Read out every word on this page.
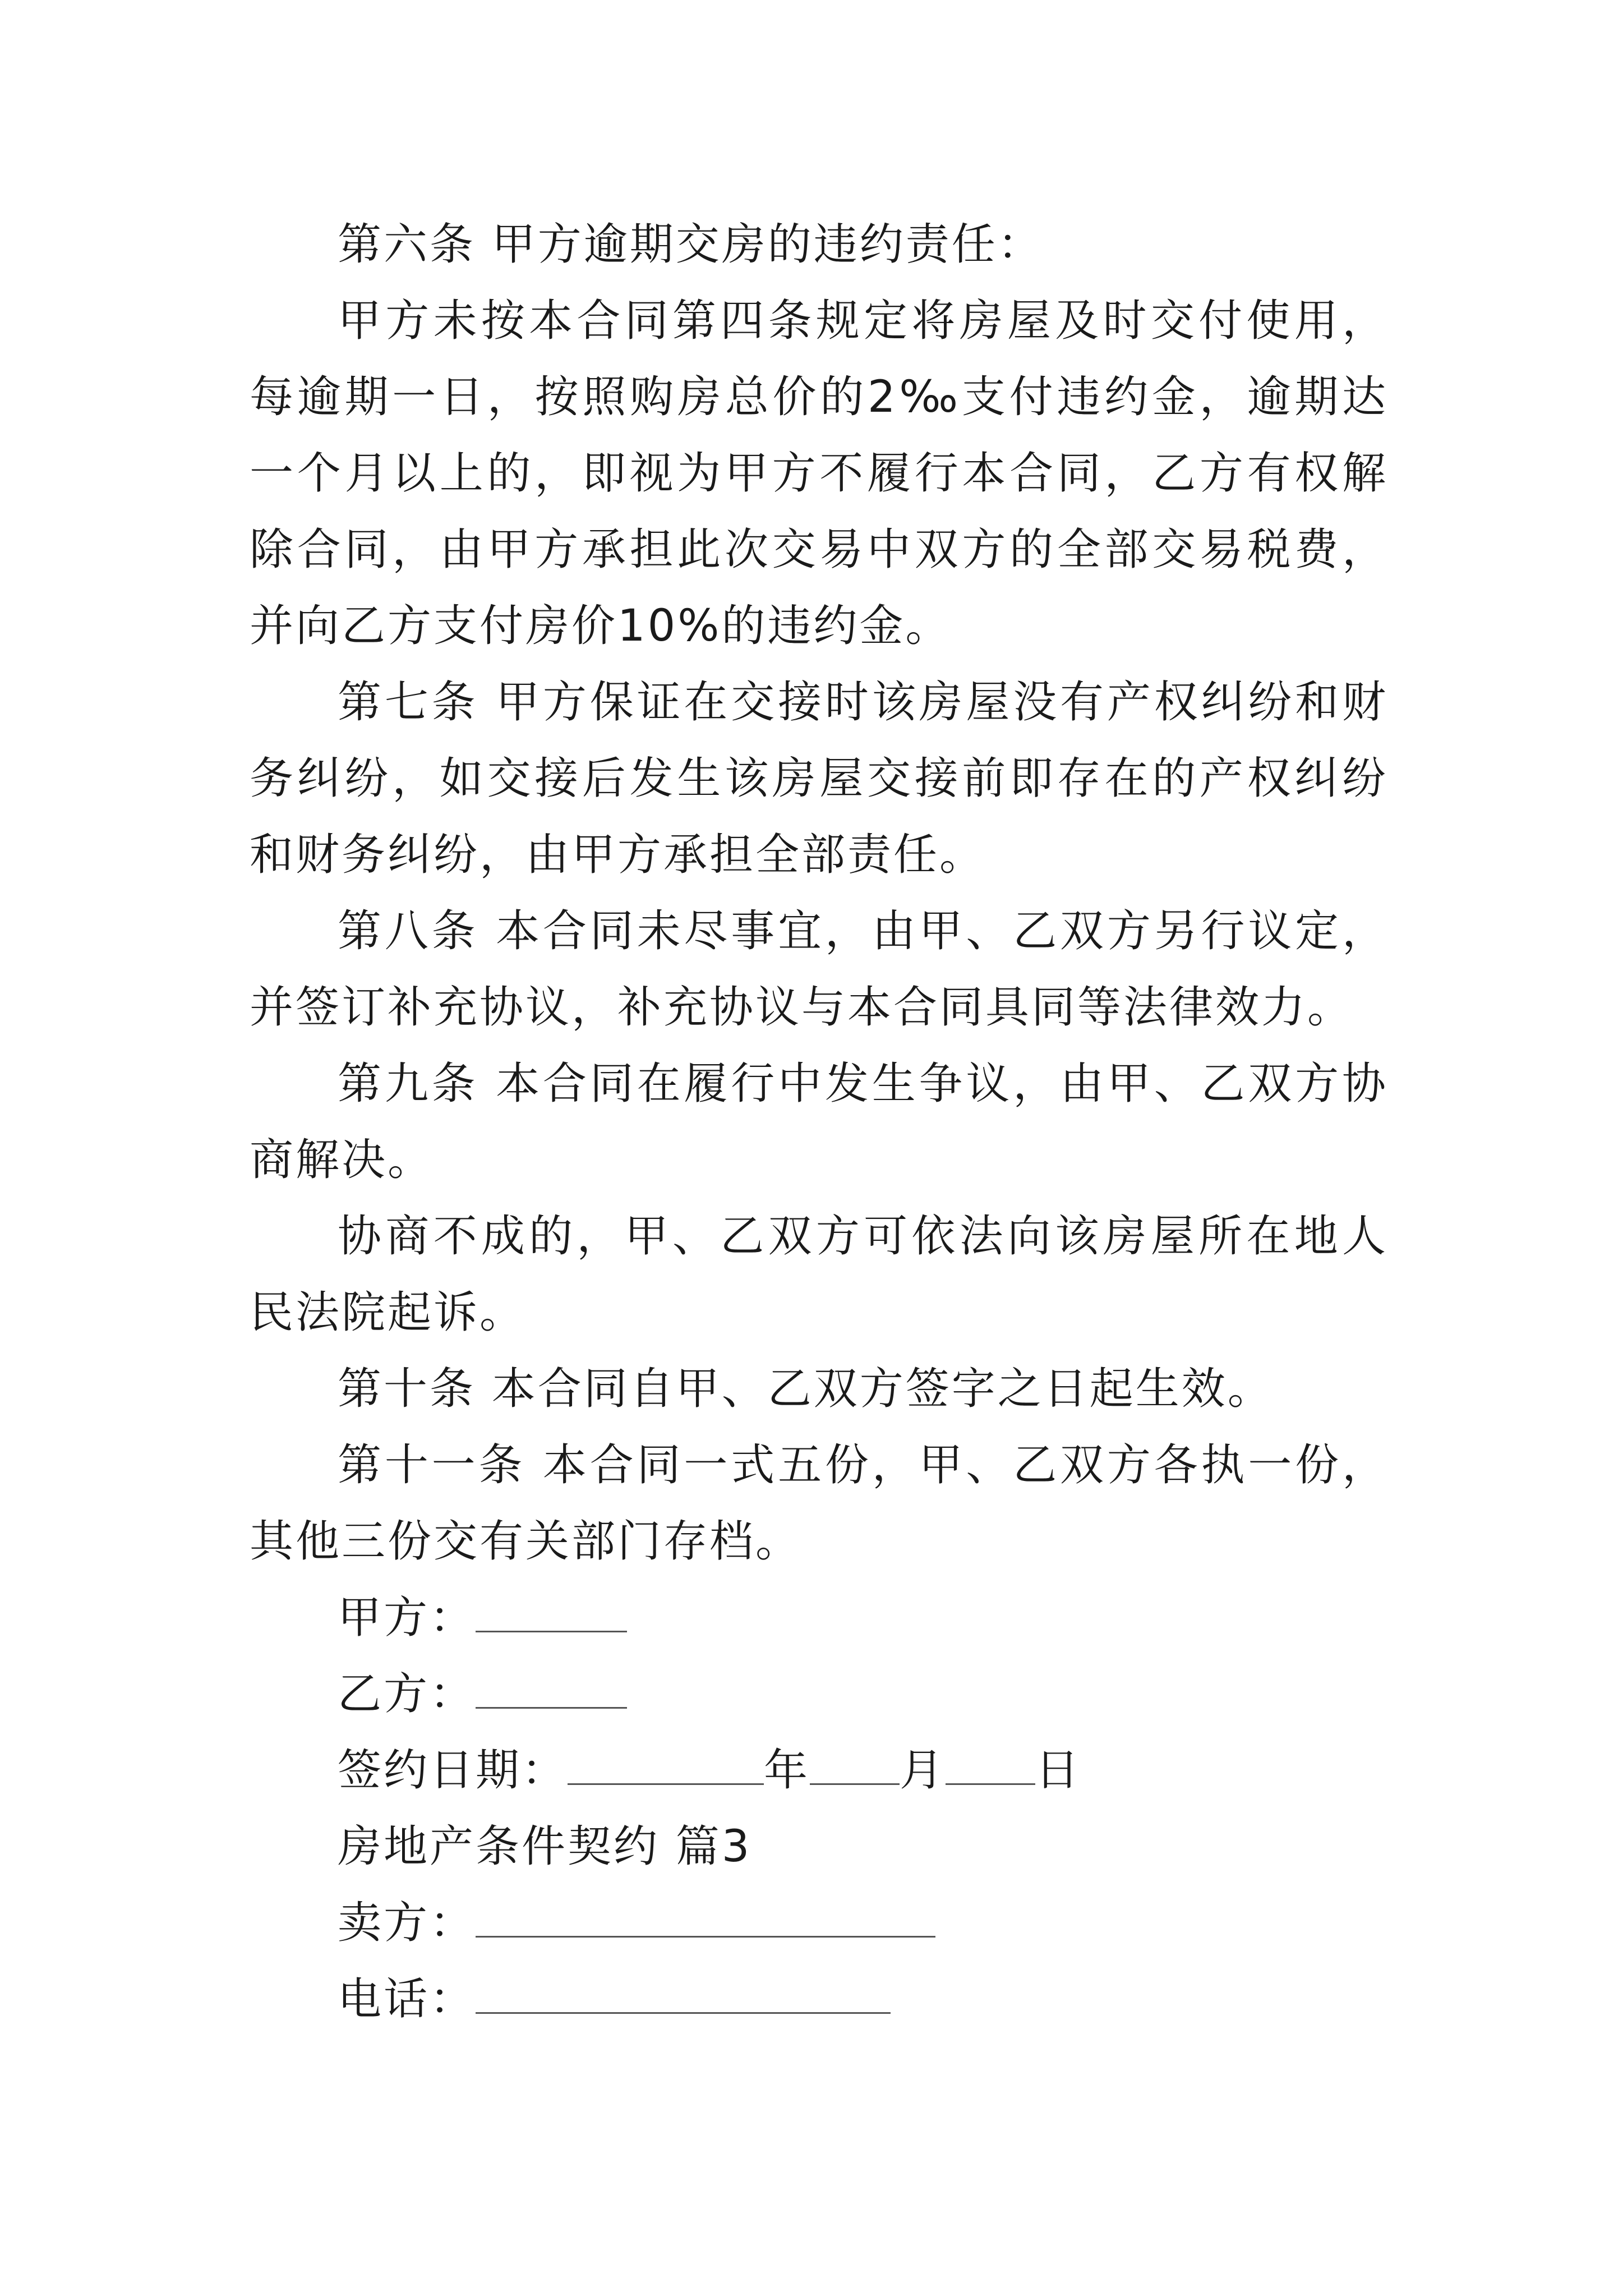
第六条 甲方逾期交房的违约责任：

甲方未按本合同第四条规定将房屋及时交付使用，每逾期一日，按照购房总价的2‰支付违约金，逾期达一个月以上的，即视为甲方不履行本合同，乙方有权解除合同，由甲方承担此次交易中双方的全部交易税费，并向乙方支付房价10%的违约金。

第七条 甲方保证在交接时该房屋没有产权纠纷和财务纠纷，如交接后发生该房屋交接前即存在的产权纠纷和财务纠纷，由甲方承担全部责任。

第八条 本合同未尽事宜，由甲、乙双方另行议定，并签订补充协议，补充协议与本合同具同等法律效力。

第九条 本合同在履行中发生争议，由甲、乙双方协商解决。

协商不成的，甲、乙双方可依法向该房屋所在地人民法院起诉。

第十条 本合同自甲、乙双方签字之日起生效。

第十一条 本合同一式五份，甲、乙双方各执一份，其他三份交有关部门存档。

甲方：

乙方：

签约日期：	年 月 日

房地产条件契约 篇3

卖方：

电话：
